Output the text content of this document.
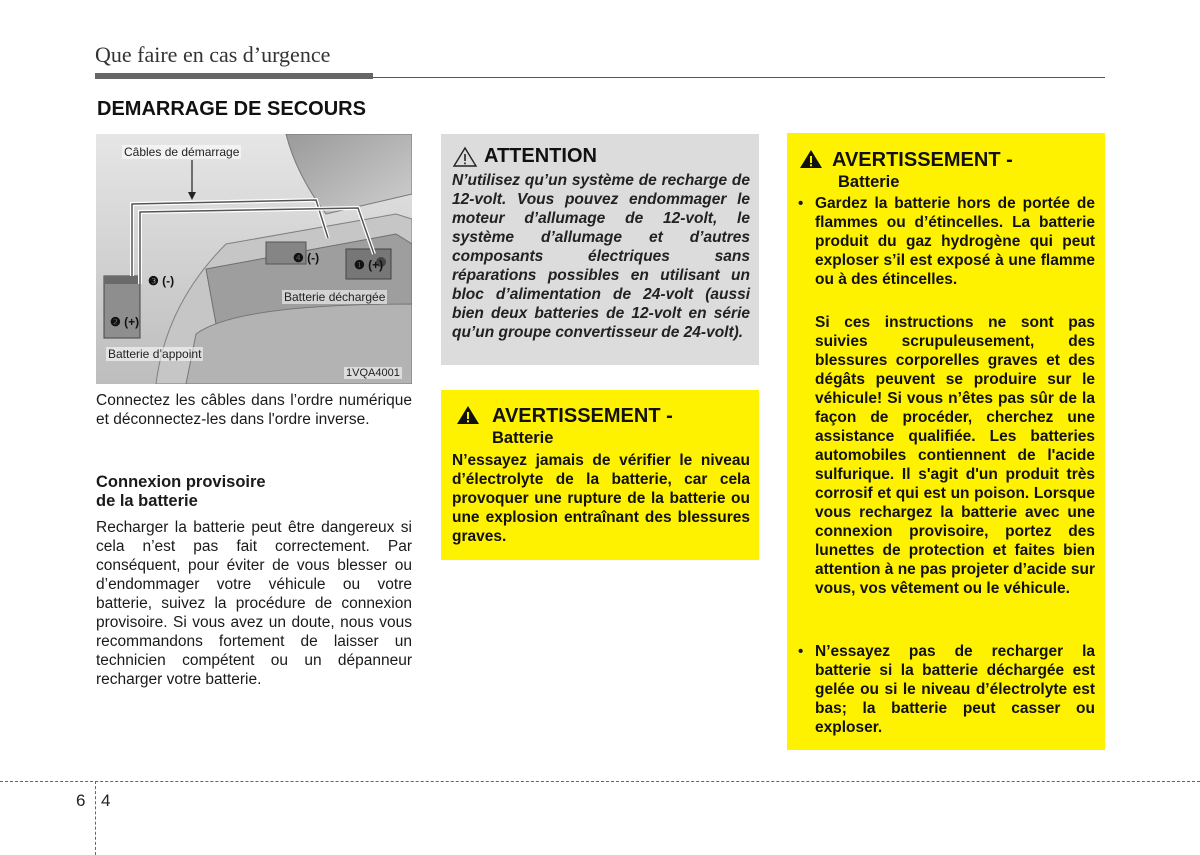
Que faire en cas d’urgence
DEMARRAGE DE SECOURS
Câbles de démarrage
Batterie déchargée
Batterie d’appoint
1VQA4001
❶ (+)
❷ (+)
❸ (-)
❹ (-)
Connectez les câbles dans l’ordre numérique et déconnectez-les dans l'ordre inverse.
Connexion provisoire
de la batterie
Recharger la batterie peut être dangereux si cela n’est pas fait correctement. Par conséquent, pour éviter de vous blesser ou d’endommager votre véhicule ou votre batterie, suivez la procédure de connexion provisoire. Si vous avez un doute, nous vous recommandons fortement de laisser un technicien compétent ou un dépanneur recharger votre batterie.
ATTENTION
N’utilisez qu’un système de recharge de 12-volt. Vous pouvez endommager le moteur d’allumage de 12-volt, le système d’allumage et d’autres composants électriques sans réparations possibles en utilisant un bloc d’alimentation de 24-volt (aussi bien deux batteries de 12-volt en série qu’un groupe convertisseur de 24-volt).
AVERTISSEMENT -
Batterie
N’essayez jamais de vérifier le niveau d’électrolyte de la batterie, car cela provoquer une rupture de la batterie ou une explosion entraînant des blessures graves.
AVERTISSEMENT -
Batterie
• Gardez la batterie hors de portée de flammes ou d’étincelles. La batterie produit du gaz hydrogène qui peut exploser s’il est exposé à une flamme ou à des étincelles.
Si ces instructions ne sont pas suivies scrupuleusement, des blessures corporelles graves et des dégâts peuvent se produire sur le véhicule! Si vous n’êtes pas sûr de la façon de procéder, cherchez une assistance qualifiée. Les batteries automobiles contiennent de l'acide sulfurique. Il s'agit d'un produit très corrosif et qui est un poison. Lorsque vous rechargez la batterie avec une connexion provisoire, portez des lunettes de protection et faites bien attention à ne pas projeter d’acide sur vous, vos vêtement ou le véhicule.
• N’essayez pas de recharger la batterie si la batterie déchargée est gelée ou si le niveau d’électrolyte est bas; la batterie peut casser ou exploser.
6 4
